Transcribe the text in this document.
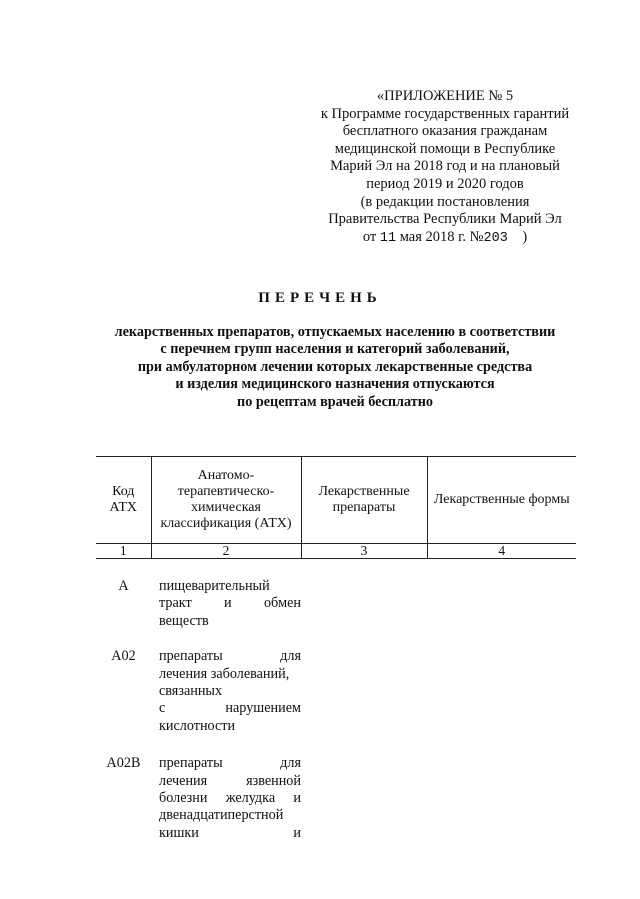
«ПРИЛОЖЕНИЕ № 5
к Программе государственных гарантий
бесплатного оказания гражданам
медицинской помощи в Республике
Марий Эл на 2018 год и на плановый
период 2019 и 2020 годов
(в редакции постановления
Правительства Республики Марий Эл
от 11 мая 2018 г. №203 )
ПЕРЕЧЕНЬ
лекарственных препаратов, отпускаемых населению в соответствии
с перечнем групп населения и категорий заболеваний,
при амбулаторном лечении которых лекарственные средства
и изделия медицинского назначения отпускаются
по рецептам врачей бесплатно
Код АТХ	Анатомо-терапевтическо-химическая классификация (АТХ)	Лекарственные препараты	Лекарственные формы
1	2	3	4
А	пищеварительный
тракт и обмен
веществ
А02	препараты для
лечения заболеваний,
связанных
с нарушением
кислотности
А02В	препараты для
лечения язвенной
болезни желудка и
двенадцатиперстной
кишки и
